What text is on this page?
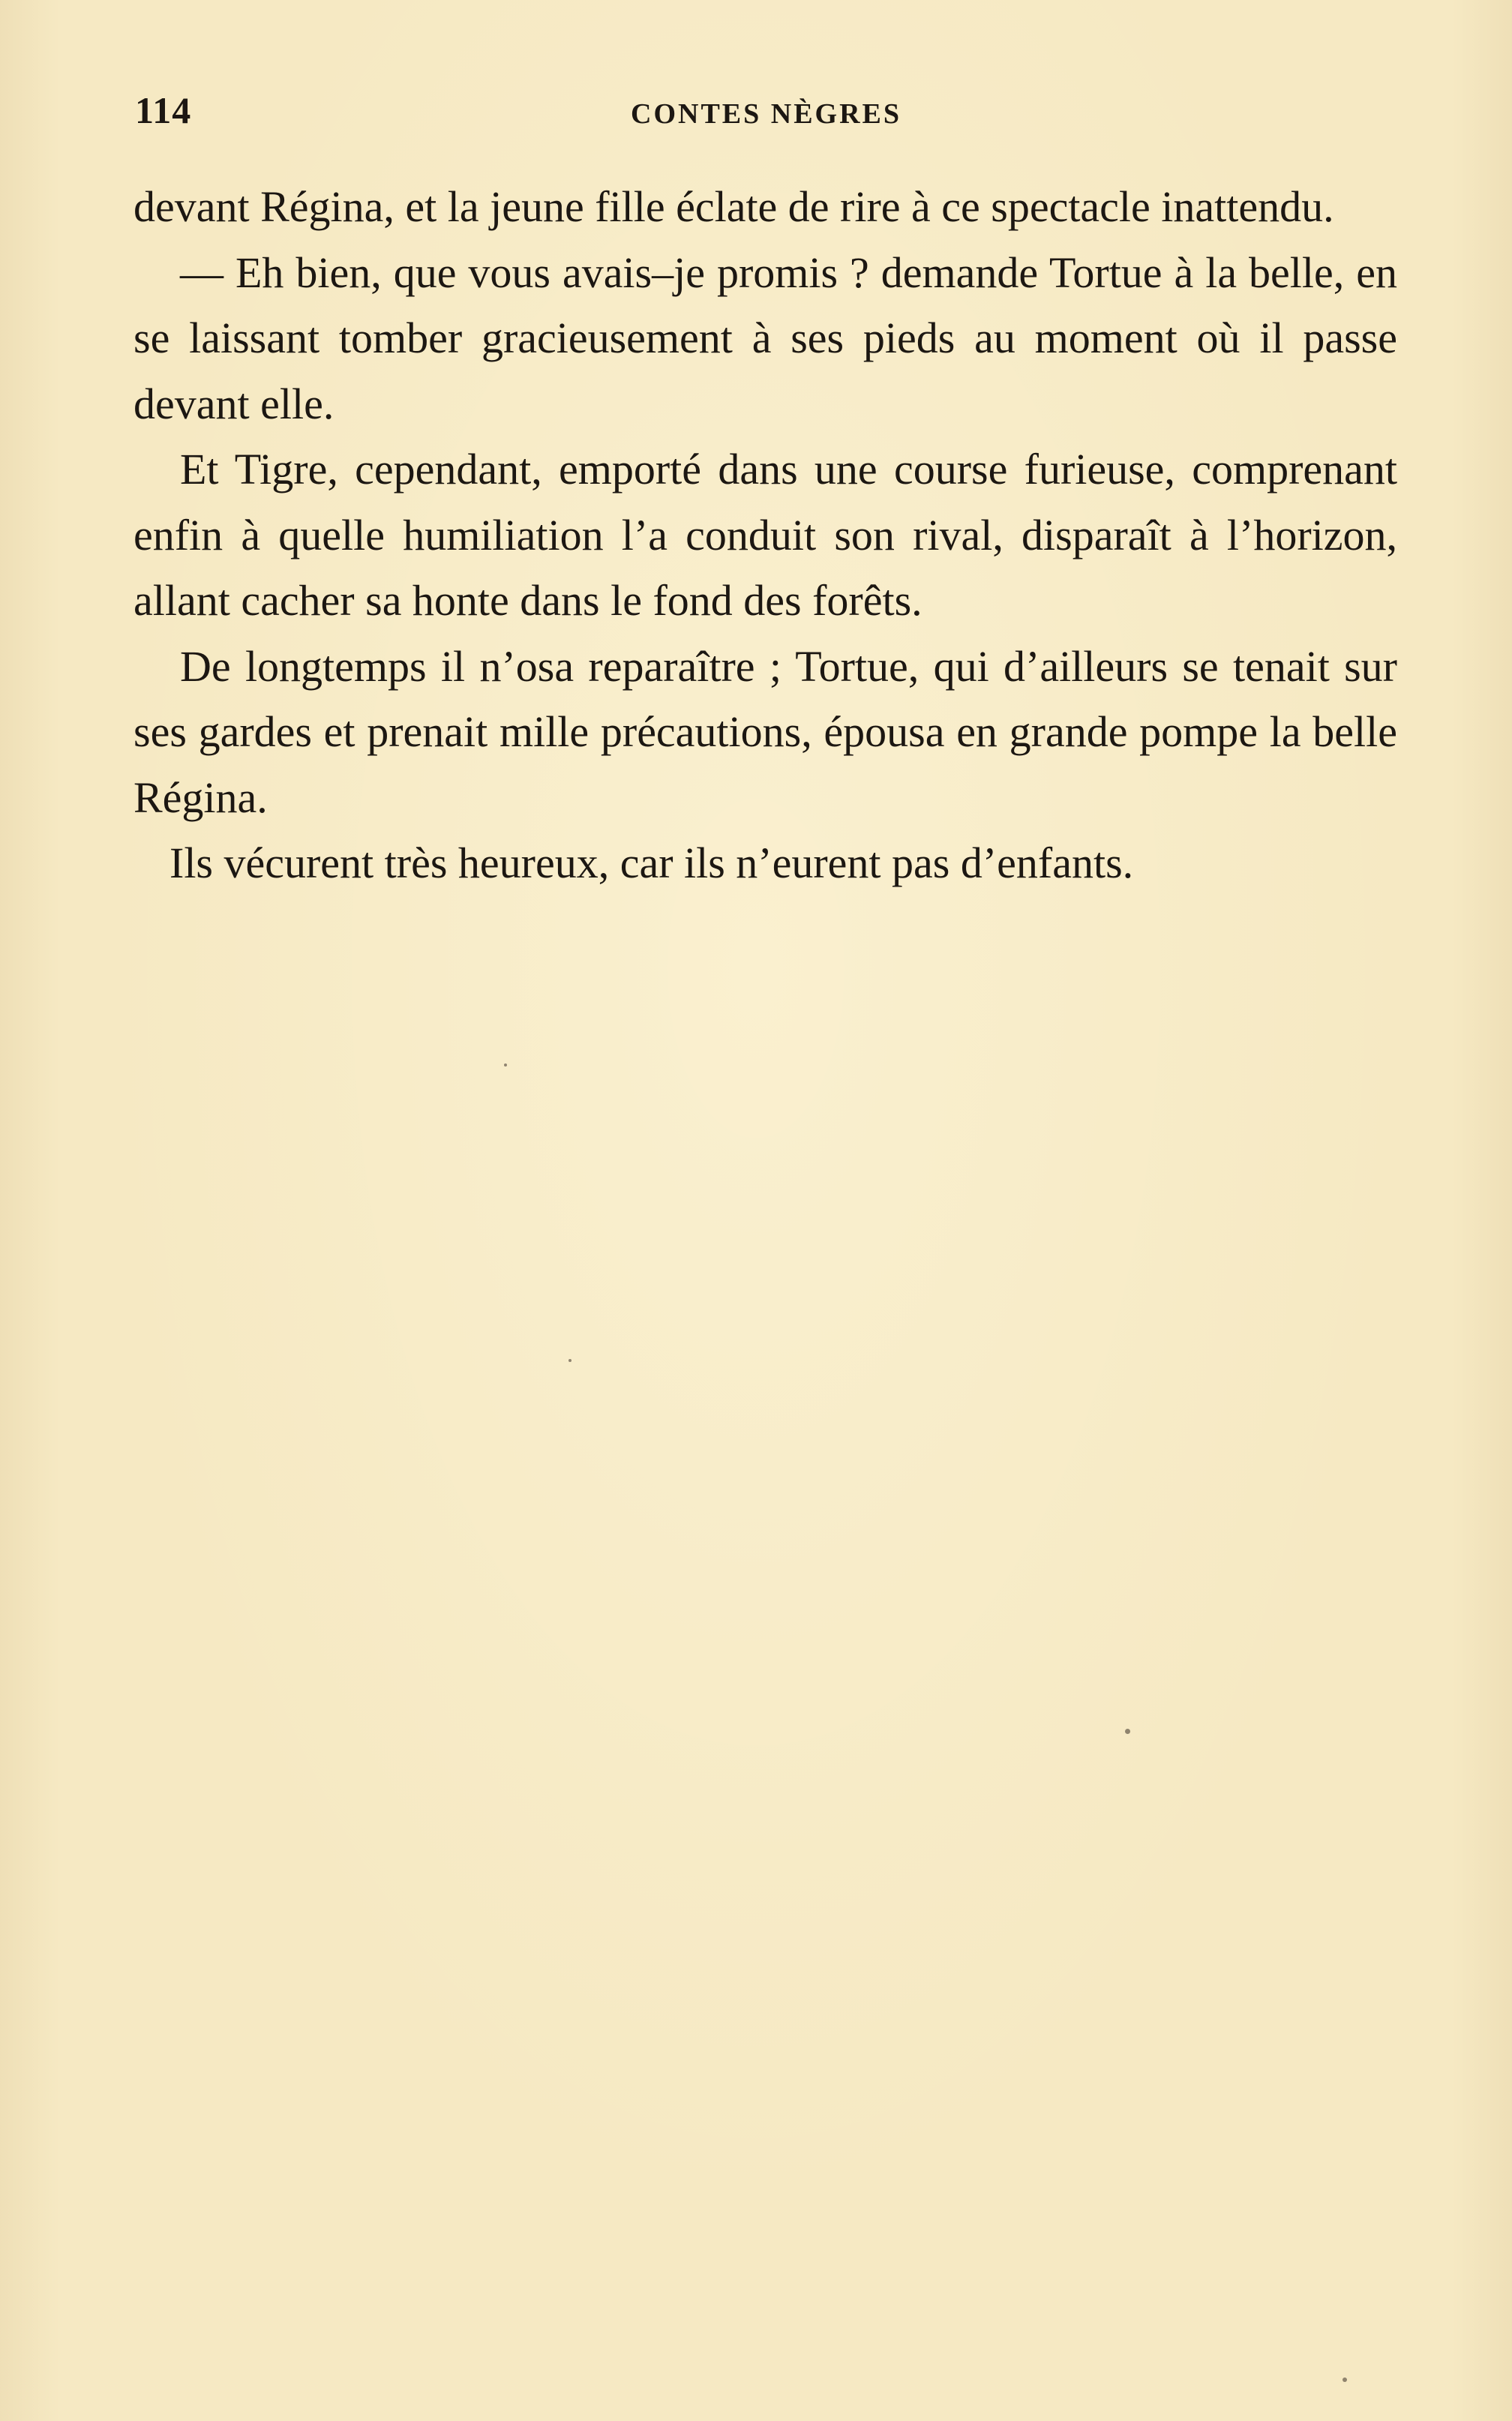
114	CONTES NÈGRES

devant Régina, et la jeune fille éclate de rire à ce spectacle inattendu.

— Eh bien, que vous avais–je promis ? demande Tortue à la belle, en se laissant tomber gracieusement à ses pieds au moment où il passe devant elle.

Et Tigre, cependant, emporté dans une course furieuse, comprenant enfin à quelle humiliation l’a conduit son rival, disparaît à l’horizon, allant cacher sa honte dans le fond des forêts.

De longtemps il n’osa reparaître ; Tortue, qui d’ailleurs se tenait sur ses gardes et prenait mille précautions, épousa en grande pompe la belle Régina.

Ils vécurent très heureux, car ils n’eurent pas d’enfants.
